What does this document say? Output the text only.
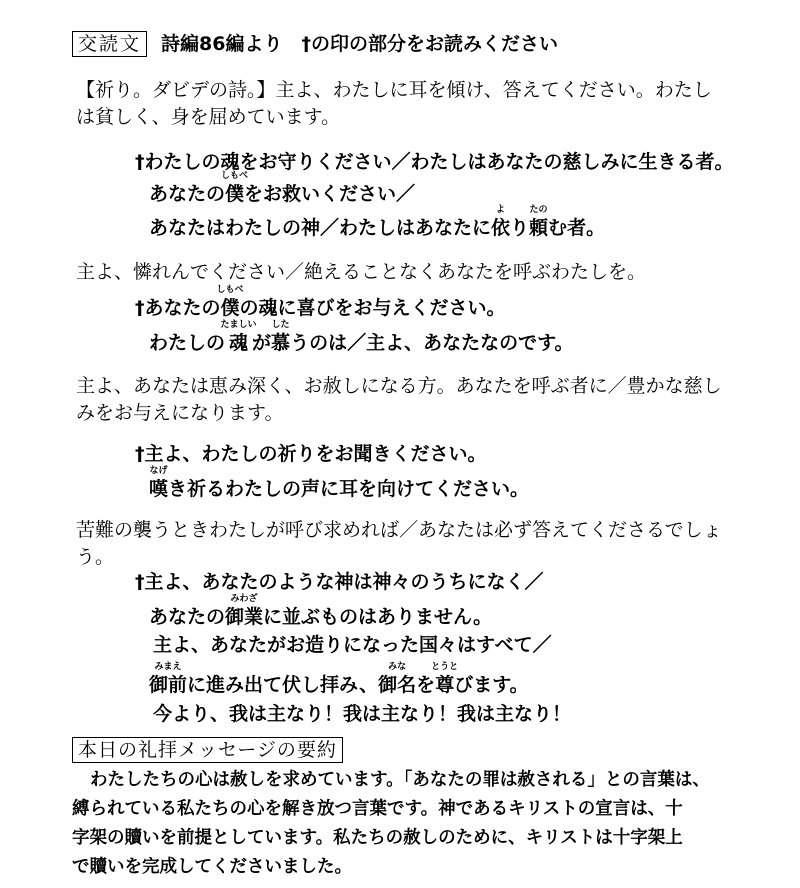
交読文 詩編86編より　†の印の部分をお読みください
【祈り。ダビデの詩。】主よ、わたしに耳を傾け、答えてください。わたし
は貧しく、身を屈めています。
†わたしの魂をお守りください／わたしはあなたの慈しみに生きる者。
あなたの
しもべ
僕をお救いください／
あなたはわたしの神／わたしはあなたに
よ
依り
たの
頼む者。
主よ、憐れんでください／絶えることなくあなたを呼ぶわたしを。
†あなたの
しもべ
僕の魂に喜びをお与えください。
わたしの
たましい
魂 が
した
慕うのは／主よ、あなたなのです。
主よ、あなたは恵み深く、お赦しになる方。あなたを呼ぶ者に／豊かな慈し
みをお与えになります。
†主よ、わたしの祈りをお聞きください。
なげ
嘆き祈るわたしの声に耳を向けてください。
苦難の襲うときわたしが呼び求めれば／あなたは必ず答えてくださるでしょ
う。
†主よ、あなたのような神は神々のうちになく／
あなたの
みわざ
御業に並ぶものはありません。
主よ、あなたがお造りになった国々はすべて／
みまえ
御前に進み出て伏し拝み、
みな
御名を
とうと
尊びます。
今より、我は主なり！我は主なり！我は主なり！
本日の礼拝メッセージの要約
わたしたちの心は赦しを求めています。「あなたの罪は赦される」との言葉は、
縛られている私たちの心を解き放つ言葉です。神であるキリストの宣言は、十
字架の贖いを前提としています。私たちの赦しのために、キリストは十字架上
で贖いを完成してくださいました。
